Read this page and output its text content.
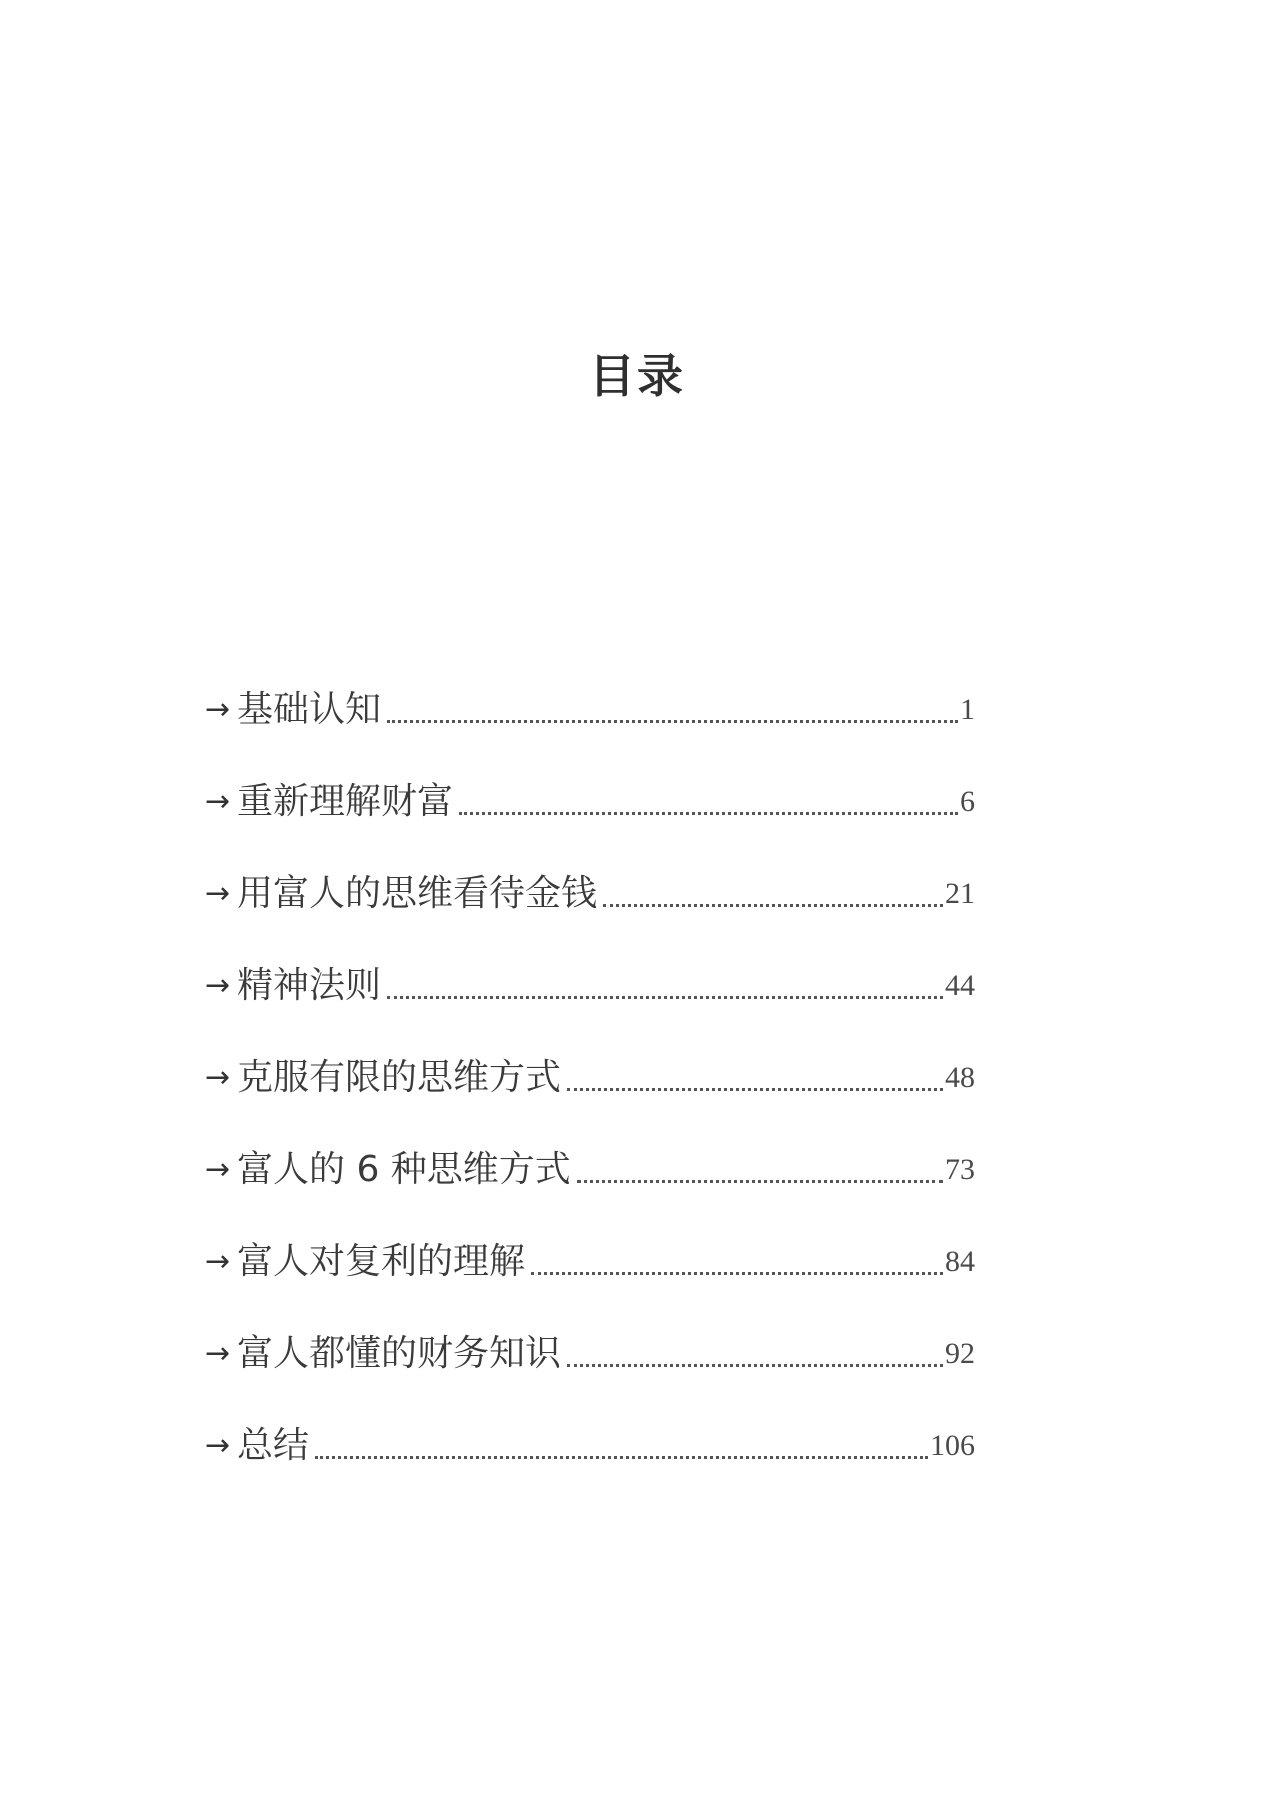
目录
→ 基础认知	1
→ 重新理解财富	6
→ 用富人的思维看待金钱	21
→ 精神法则	44
→ 克服有限的思维方式	48
→ 富人的 6 种思维方式	73
→ 富人对复利的理解	84
→ 富人都懂的财务知识	92
→ 总结	106
